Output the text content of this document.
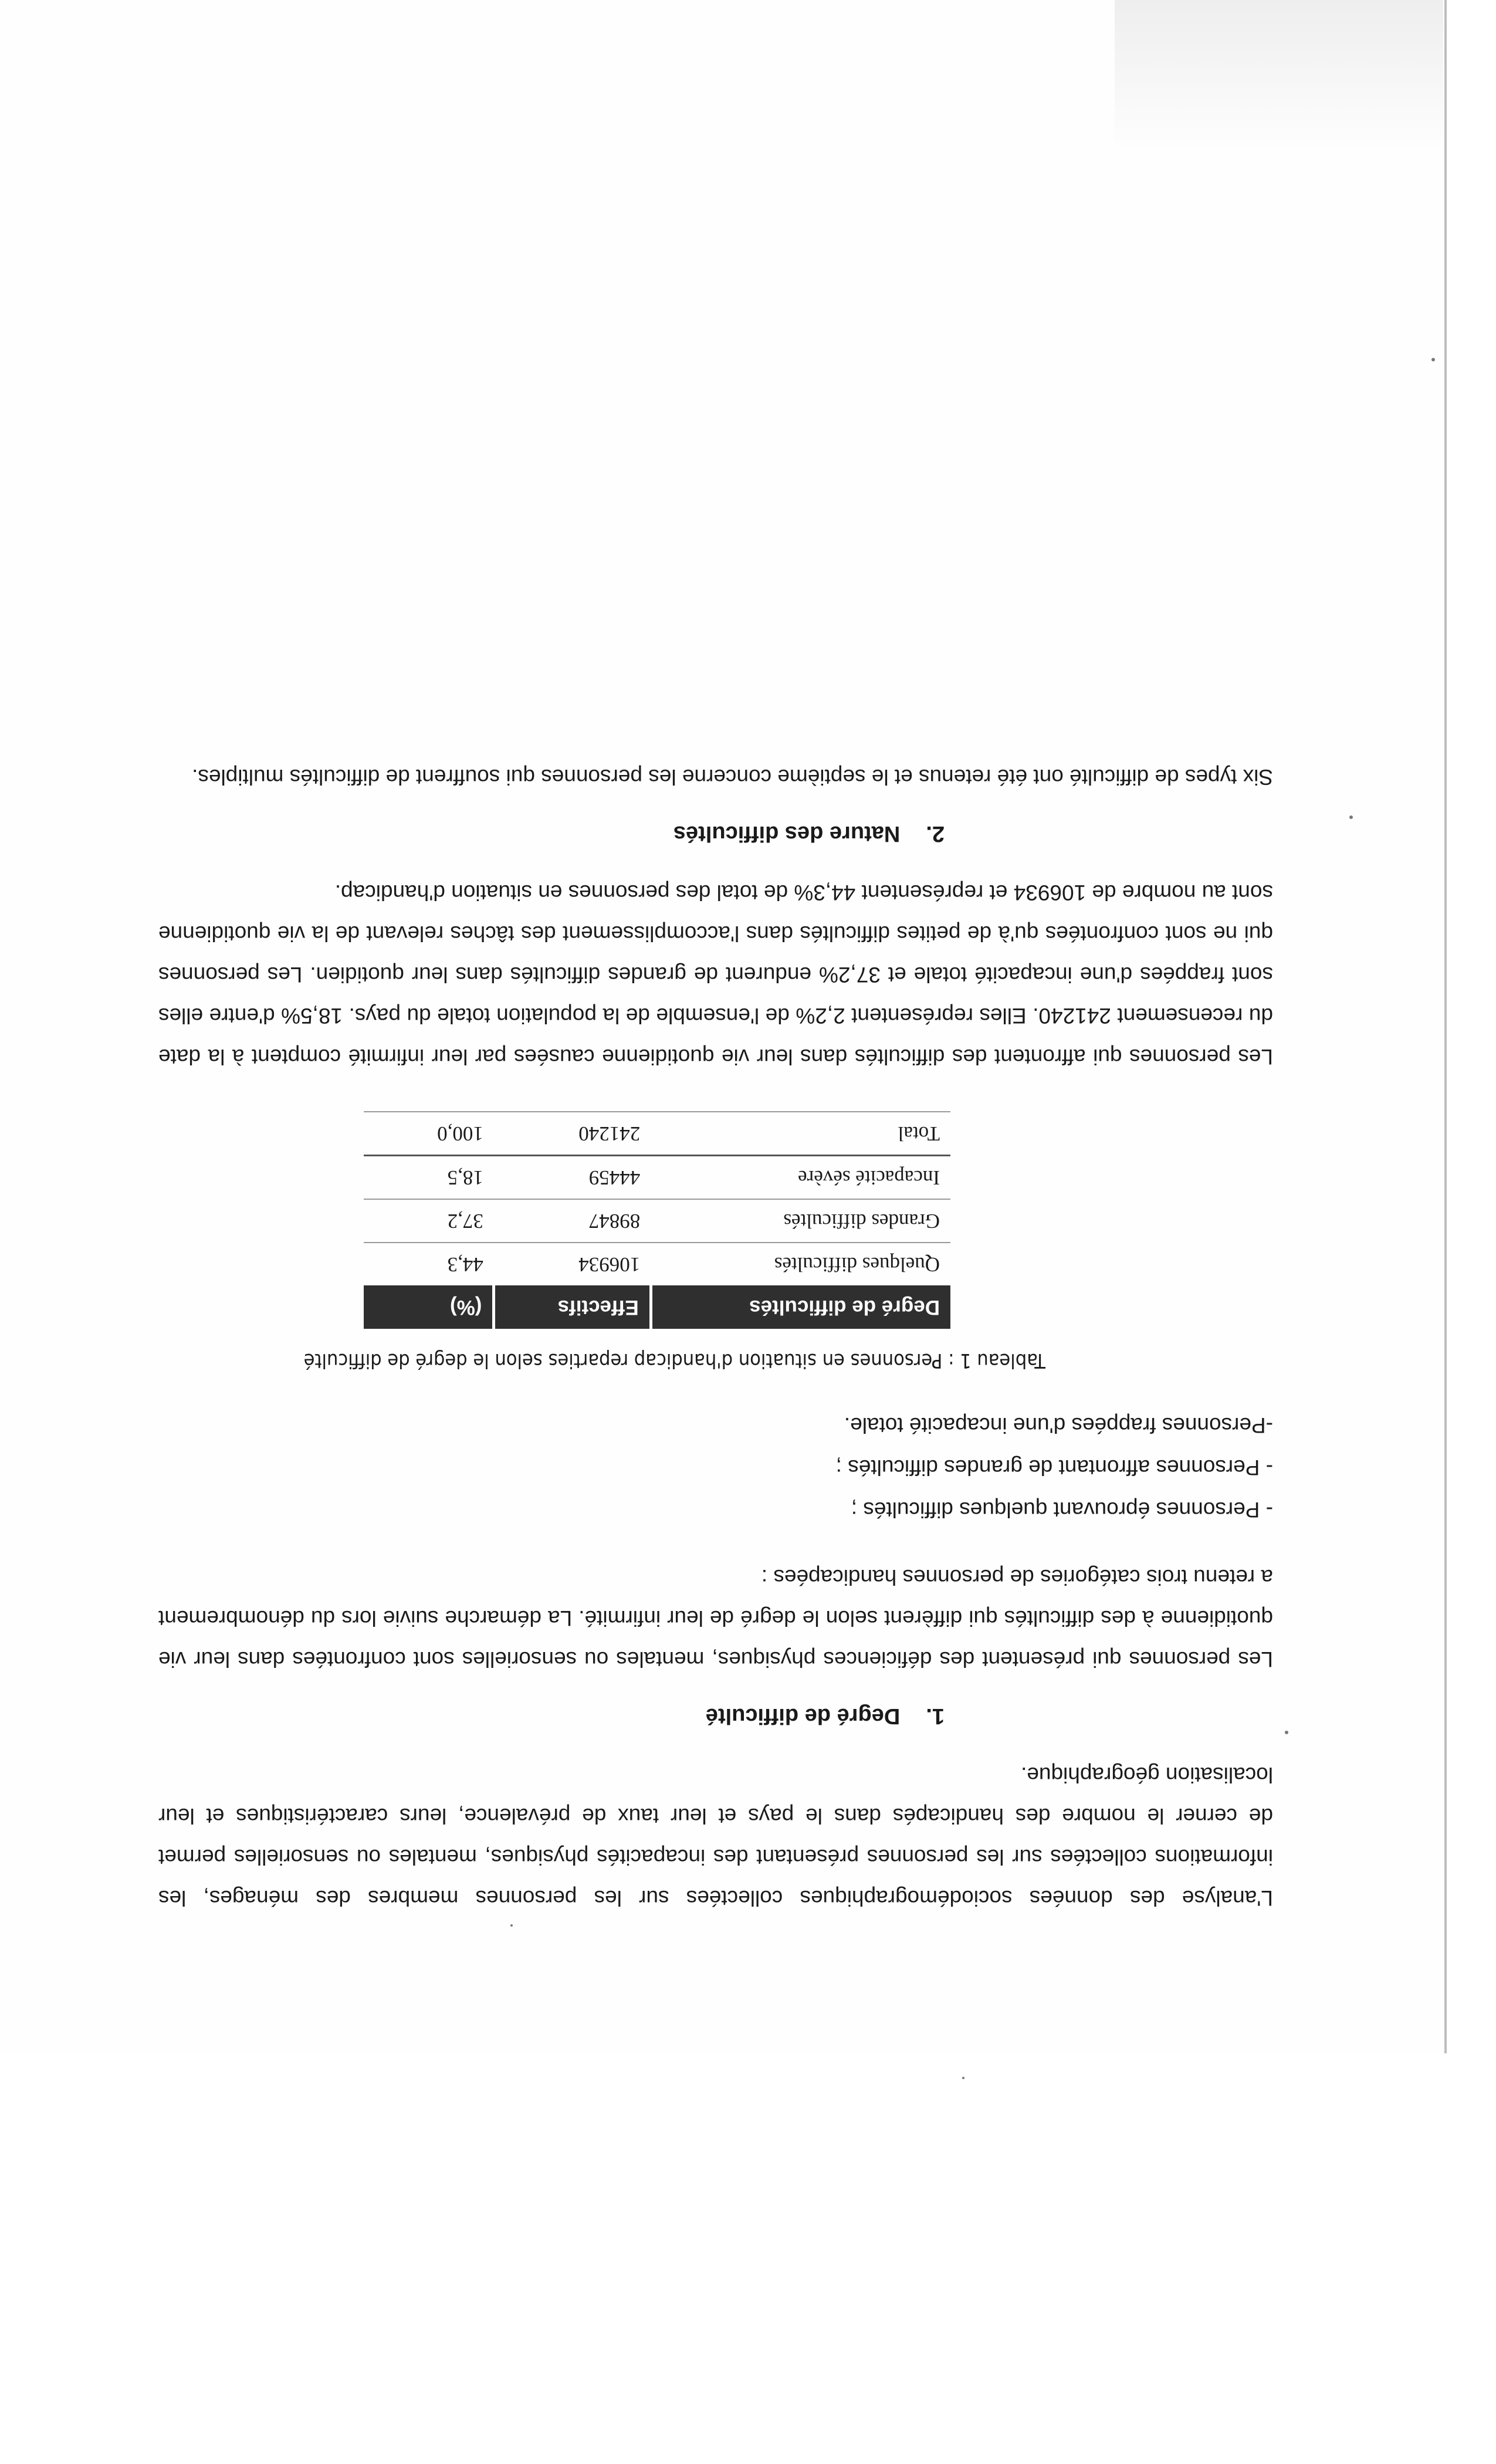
L'analyse des données sociodémographiques collectées sur les personnes membres des ménages, les informations collectées sur les personnes présentant des incapacités physiques, mentales ou sensorielles permet de cerner le nombre des handicapés dans le pays et leur taux de prévalence, leurs caractéristiques et leur localisation géographique.

1.Degré de difficulté

Les personnes qui présentent des déficiences physiques, mentales ou sensorielles sont confrontées dans leur vie quotidienne à des difficultés qui diffèrent selon le degré de leur infirmité. La démarche suivie lors du dénombrement a retenu trois catégories de personnes handicapées :

- Personnes éprouvant quelques difficultés ;
- Personnes affrontant de grandes difficultés ;
-Personnes frappées d'une incapacité totale.
Tableau 1 : Personnes en situation d'handicap reparties selon le degré de difficulté
Degré de difficultés	Effectifs	(%)
Quelques difficultés	106934	44,3
Grandes difficultés	89847	37,2
Incapacité sévère	44459	18,5
Total	241240	100,0

Les personnes qui affrontent des difficultés dans leur vie quotidienne causées par leur infirmité comptent à la date du recensement 241240. Elles représentent 2,2% de l'ensemble de la population totale du pays. 18,5% d'entre elles sont frappées d'une incapacité totale et 37,2% endurent de grandes difficultés dans leur quotidien. Les personnes qui ne sont confrontées qu'à de petites difficultés dans l'accomplissement des tâches relevant de la vie quotidienne sont au nombre de 106934 et représentent 44,3% de total des personnes en situation d'handicap.

2.Nature des difficultés

Six types de difficulté ont été retenus et le septième concerne les personnes qui souffrent de difficultés multiples.
